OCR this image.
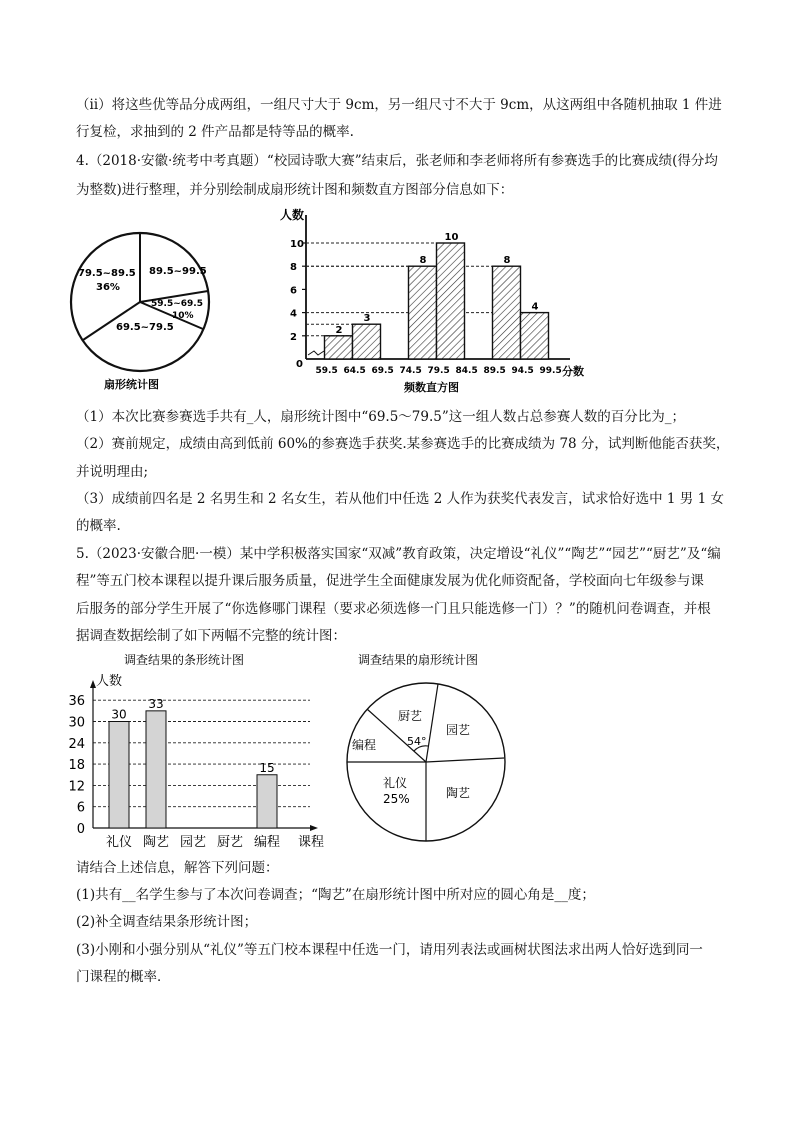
（ⅱ）将这些优等品分成两组，一组尺寸大于 9cm，另一组尺寸不大于 9cm，从这两组中各随机抽取 1 件进
行复检，求抽到的 2 件产品都是特等品的概率.
4.（2018·安徽·统考中考真题）“校园诗歌大赛”结束后，张老师和李老师将所有参赛选手的比赛成绩(得分均
为整数)进行整理，并分别绘制成扇形统计图和频数直方图部分信息如下：
79.5~89.5
36%
89.5~99.5
59.5~69.5
10%
69.5~79.5
扇形统计图
人数
分数
0
2
3
8
10
8
4
2
4
6
8
10
59.5 64.5 69.5 74.5 79.5 84.5 89.5 94.5 99.5
频数直方图
（1）本次比赛参赛选手共有_人，扇形统计图中“69.5～79.5”这一组人数占总参赛人数的百分比为_；
（2）赛前规定，成绩由高到低前 60%的参赛选手获奖.某参赛选手的比赛成绩为 78 分，试判断他能否获奖，
并说明理由;
（3）成绩前四名是 2 名男生和 2 名女生，若从他们中任选 2 人作为获奖代表发言，试求恰好选中 1 男 1 女
的概率.
5.（2023·安徽合肥·一模）某中学积极落实国家“双减”教育政策，决定增设“礼仪”“陶艺”“园艺”“厨艺”及“编
程”等五门校本课程以提升课后服务质量，促进学生全面健康发展为优化师资配备，学校面向七年级参与课
后服务的部分学生开展了“你选修哪门课程（要求必须选修一门且只能选修一门）？”的随机问卷调查，并根
据调查数据绘制了如下两幅不完整的统计图：
调查结果的条形统计图
人数
0
6
12
18
24
30
36
礼仪
30
陶艺
33
园艺 厨艺 编程
15
课程
调查结果的扇形统计图
厨艺
54°
园艺
陶艺
礼仪
25%
编程
请结合上述信息，解答下列问题：
(1)共有__名学生参与了本次问卷调查；“陶艺”在扇形统计图中所对应的圆心角是__度；
(2)补全调查结果条形统计图；
(3)小刚和小强分别从“礼仪”等五门校本课程中任选一门，请用列表法或画树状图法求出两人恰好选到同一
门课程的概率．
